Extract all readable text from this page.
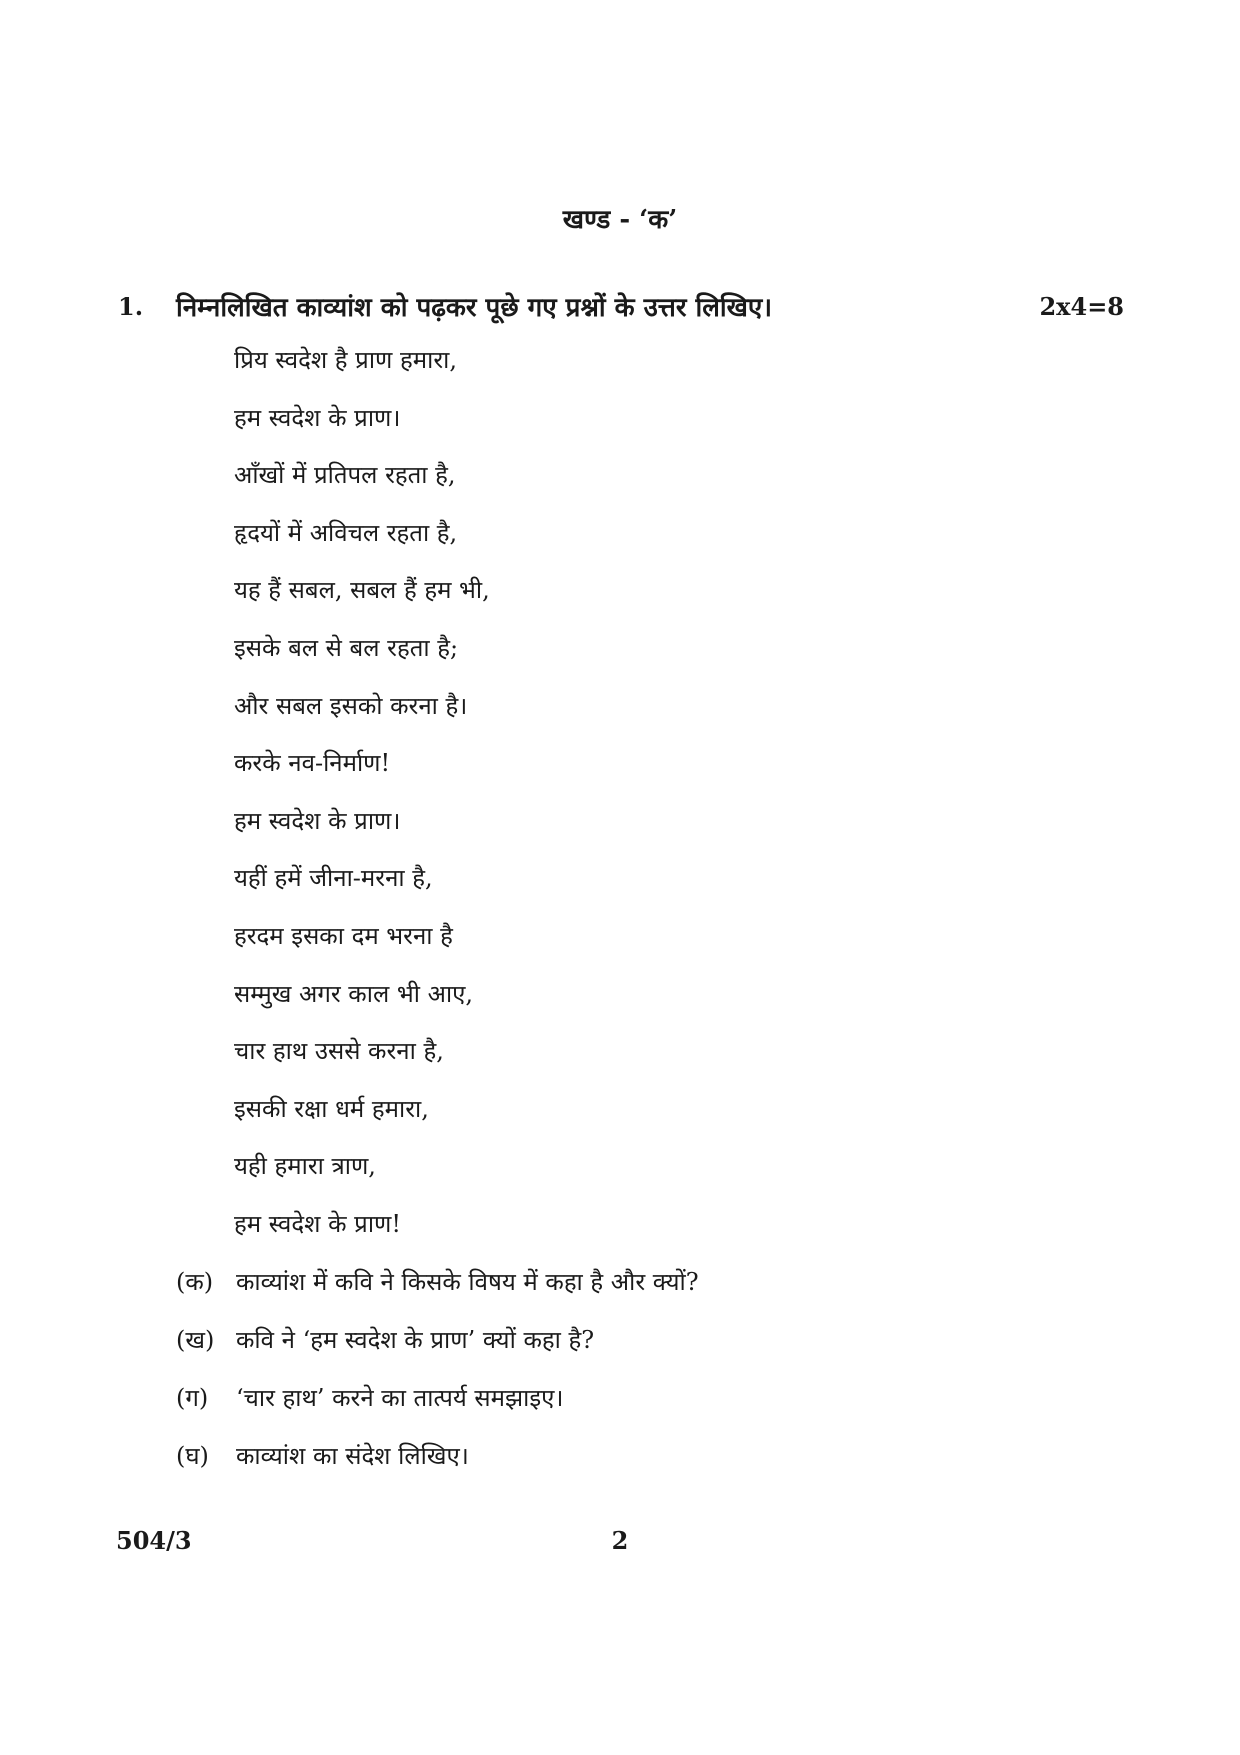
खण्ड - ‘क’
1. निम्नलिखित काव्यांश को पढ़कर पूछे गए प्रश्नों के उत्तर लिखिए।	2x4=8
प्रिय स्वदेश है प्राण हमारा,
हम स्वदेश के प्राण।
आँखों में प्रतिपल रहता है,
हृदयों में अविचल रहता है,
यह हैं सबल, सबल हैं हम भी,
इसके बल से बल रहता है;
और सबल इसको करना है।
करके नव-निर्माण!
हम स्वदेश के प्राण।
यहीं हमें जीना-मरना है,
हरदम इसका दम भरना है
सम्मुख अगर काल भी आए,
चार हाथ उससे करना है,
इसकी रक्षा धर्म हमारा,
यही हमारा त्राण,
हम स्वदेश के प्राण!
(क) काव्यांश में कवि ने किसके विषय में कहा है और क्यों?
(ख) कवि ने ‘हम स्वदेश के प्राण’ क्यों कहा है?
(ग) ‘चार हाथ’ करने का तात्पर्य समझाइए।
(घ) काव्यांश का संदेश लिखिए।
504/3	2
